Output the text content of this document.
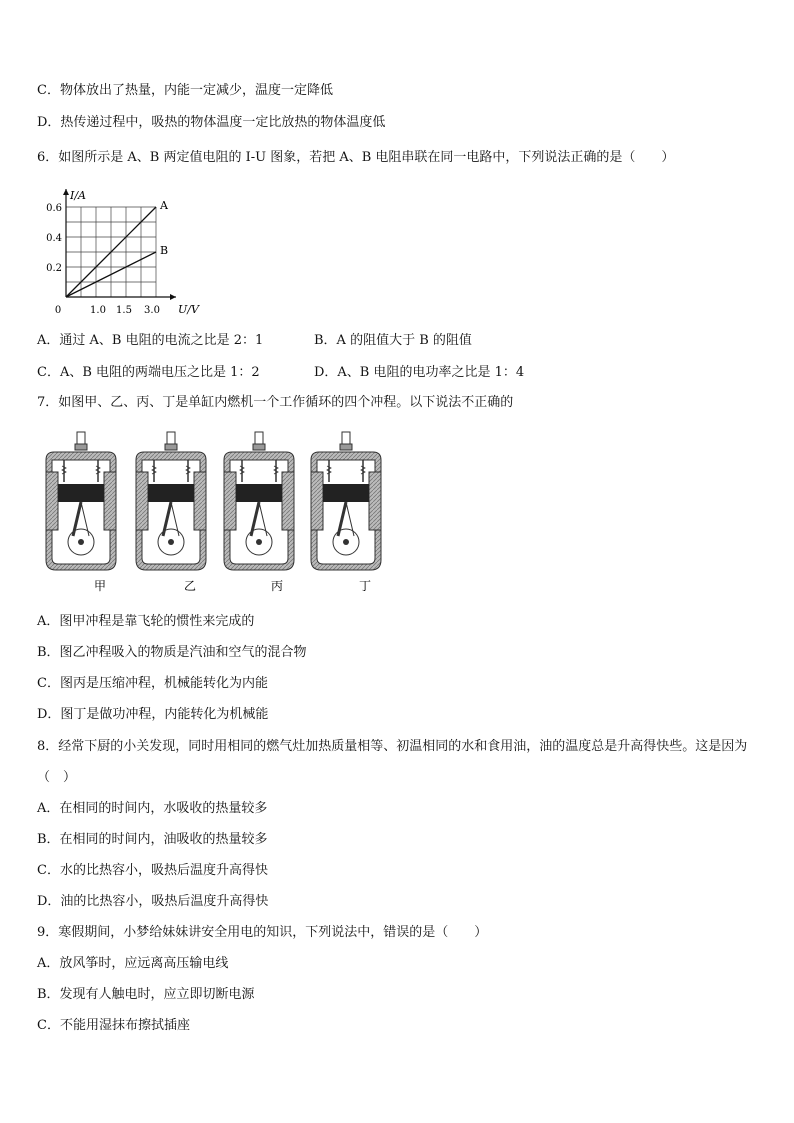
C．物体放出了热量，内能一定减少，温度一定降低
D．热传递过程中，吸热的物体温度一定比放热的物体温度低
6．如图所示是 A、B 两定值电阻的 I-U 图象，若把 A、B 电阻串联在同一电路中，下列说法正确的是（　　）
A
B
0.2
0.4
0.6
0	1.0 1.5 3.0 U/V
I/A
A．通过 A、B 电阻的电流之比是 2：1	B．A 的阻值大于 B 的阻值
C．A、B 电阻的两端电压之比是 1：2	D．A、B 电阻的电功率之比是 1：4
7．如图甲、乙、丙、丁是单缸内燃机一个工作循环的四个冲程。以下说法不正确的
甲	乙	丙	丁
A．图甲冲程是靠飞轮的惯性来完成的
B．图乙冲程吸入的物质是汽油和空气的混合物
C．图丙是压缩冲程，机械能转化为内能
D．图丁是做功冲程，内能转化为机械能
8．经常下厨的小关发现，同时用相同的燃气灶加热质量相等、初温相同的水和食用油，油的温度总是升高得快些。这是因为（　）
A．在相同的时间内，水吸收的热量较多
B．在相同的时间内，油吸收的热量较多
C．水的比热容小，吸热后温度升高得快
D．油的比热容小，吸热后温度升高得快
9．寒假期间，小梦给妹妹讲安全用电的知识，下列说法中，错误的是（　　）
A．放风筝时，应远离高压输电线
B．发现有人触电时，应立即切断电源
C．不能用湿抹布擦拭插座
